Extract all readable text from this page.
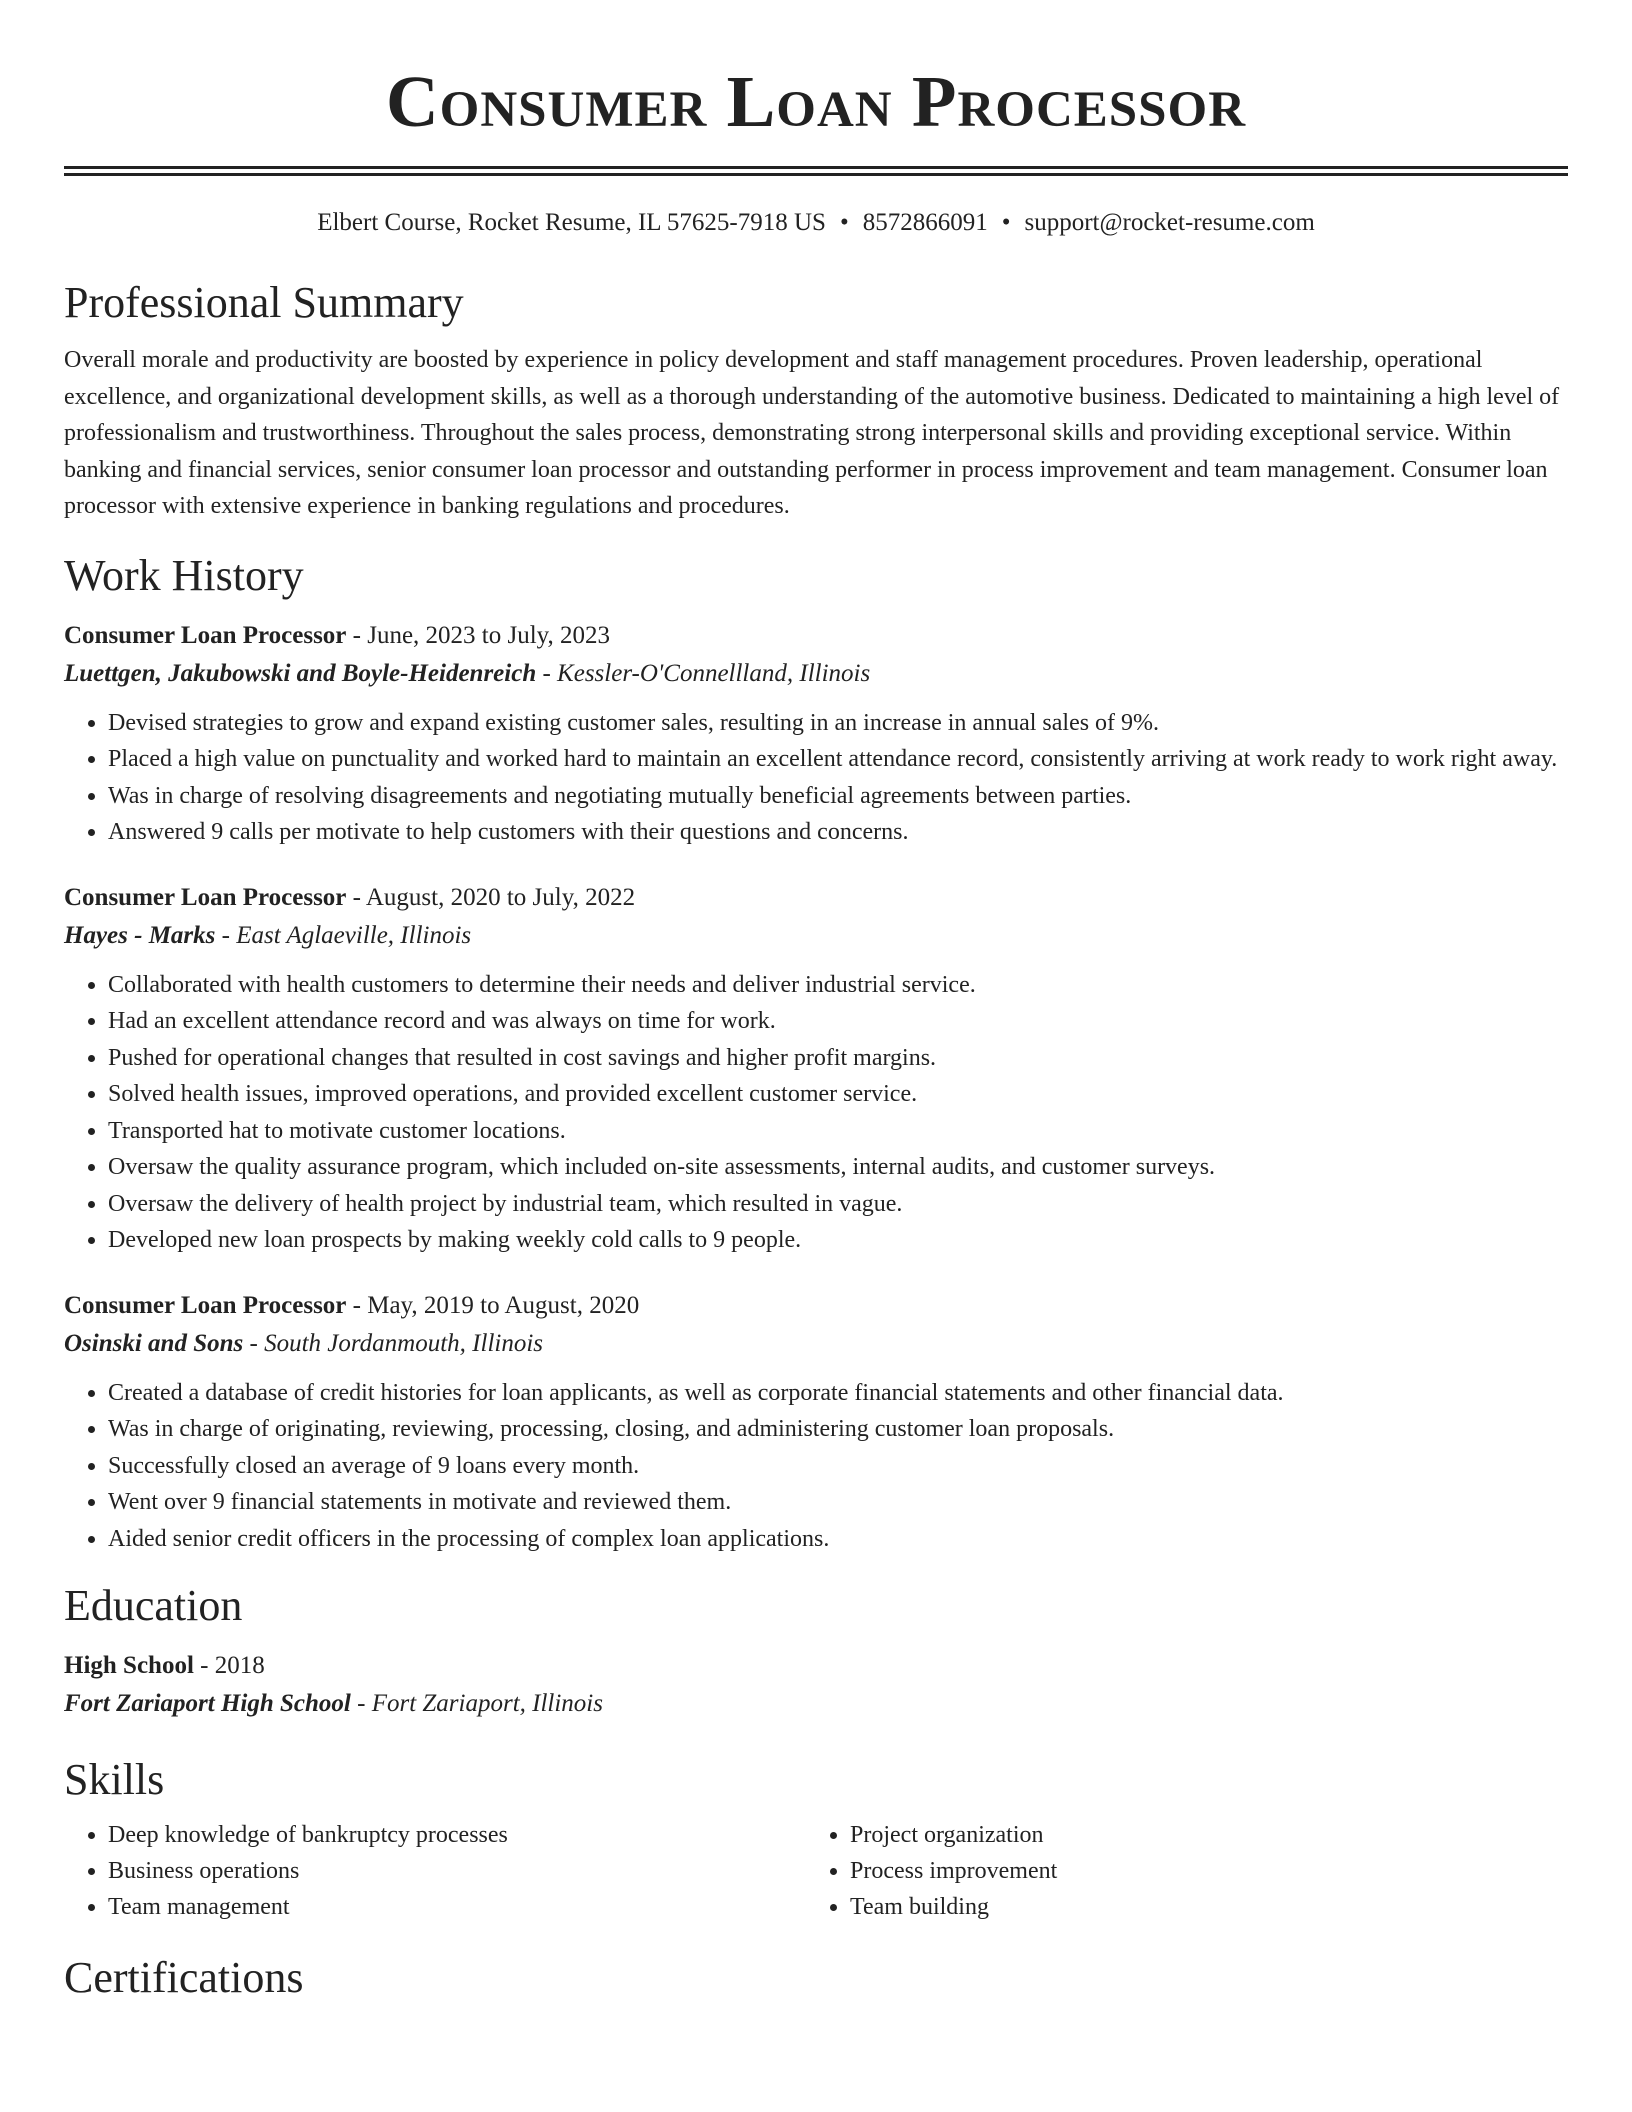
Consumer Loan Processor
Elbert Course, Rocket Resume, IL 57625-7918 US • 8572866091 • support@rocket-resume.com
Professional Summary
Overall morale and productivity are boosted by experience in policy development and staff management procedures. Proven leadership, operational excellence, and organizational development skills, as well as a thorough understanding of the automotive business. Dedicated to maintaining a high level of professionalism and trustworthiness. Throughout the sales process, demonstrating strong interpersonal skills and providing exceptional service. Within banking and financial services, senior consumer loan processor and outstanding performer in process improvement and team management. Consumer loan processor with extensive experience in banking regulations and procedures.
Work History
Consumer Loan Processor - June, 2023 to July, 2023
Luettgen, Jakubowski and Boyle-Heidenreich - Kessler-O'Connellland, Illinois
• Devised strategies to grow and expand existing customer sales, resulting in an increase in annual sales of 9%.
• Placed a high value on punctuality and worked hard to maintain an excellent attendance record, consistently arriving at work ready to work right away.
• Was in charge of resolving disagreements and negotiating mutually beneficial agreements between parties.
• Answered 9 calls per motivate to help customers with their questions and concerns.
Consumer Loan Processor - August, 2020 to July, 2022
Hayes - Marks - East Aglaeville, Illinois
• Collaborated with health customers to determine their needs and deliver industrial service.
• Had an excellent attendance record and was always on time for work.
• Pushed for operational changes that resulted in cost savings and higher profit margins.
• Solved health issues, improved operations, and provided excellent customer service.
• Transported hat to motivate customer locations.
• Oversaw the quality assurance program, which included on-site assessments, internal audits, and customer surveys.
• Oversaw the delivery of health project by industrial team, which resulted in vague.
• Developed new loan prospects by making weekly cold calls to 9 people.
Consumer Loan Processor - May, 2019 to August, 2020
Osinski and Sons - South Jordanmouth, Illinois
• Created a database of credit histories for loan applicants, as well as corporate financial statements and other financial data.
• Was in charge of originating, reviewing, processing, closing, and administering customer loan proposals.
• Successfully closed an average of 9 loans every month.
• Went over 9 financial statements in motivate and reviewed them.
• Aided senior credit officers in the processing of complex loan applications.
Education
High School - 2018
Fort Zariaport High School - Fort Zariaport, Illinois
Skills
• Deep knowledge of bankruptcy processes
• Business operations
• Team management
• Project organization
• Process improvement
• Team building
Certifications
